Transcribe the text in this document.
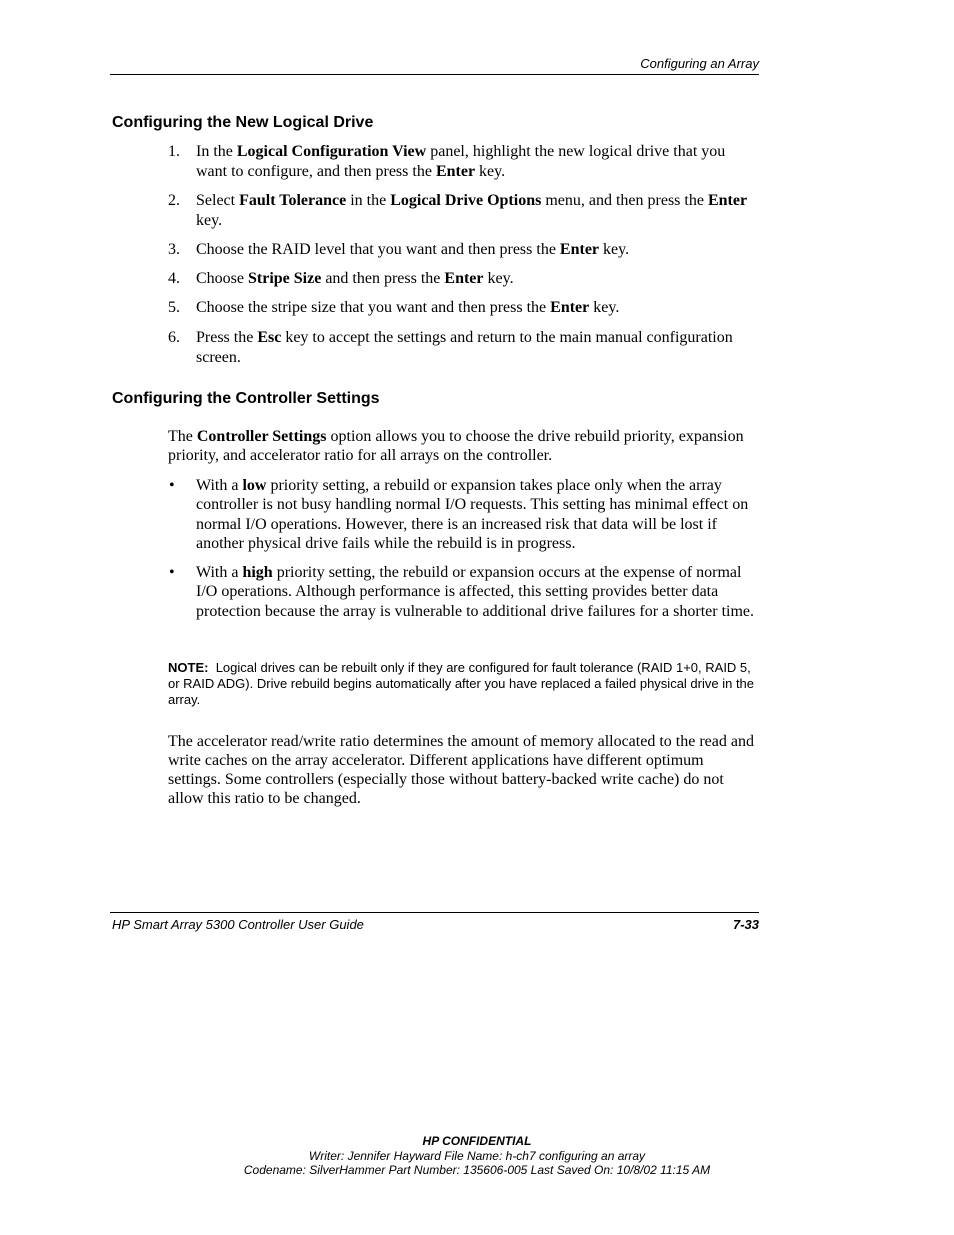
Configuring an Array
Configuring the New Logical Drive
1. In the Logical Configuration View panel, highlight the new logical drive that you want to configure, and then press the Enter key.
2. Select Fault Tolerance in the Logical Drive Options menu, and then press the Enter key.
3. Choose the RAID level that you want and then press the Enter key.
4. Choose Stripe Size and then press the Enter key.
5. Choose the stripe size that you want and then press the Enter key.
6. Press the Esc key to accept the settings and return to the main manual configuration screen.
Configuring the Controller Settings

The Controller Settings option allows you to choose the drive rebuild priority, expansion priority, and accelerator ratio for all arrays on the controller.

• With a low priority setting, a rebuild or expansion takes place only when the array controller is not busy handling normal I/O requests. This setting has minimal effect on normal I/O operations. However, there is an increased risk that data will be lost if another physical drive fails while the rebuild is in progress.
• With a high priority setting, the rebuild or expansion occurs at the expense of normal I/O operations. Although performance is affected, this setting provides better data protection because the array is vulnerable to additional drive failures for a shorter time.
NOTE: Logical drives can be rebuilt only if they are configured for fault tolerance (RAID 1+0, RAID 5, or RAID ADG). Drive rebuild begins automatically after you have replaced a failed physical drive in the array.

The accelerator read/write ratio determines the amount of memory allocated to the read and write caches on the array accelerator. Different applications have different optimum settings. Some controllers (especially those without battery-backed write cache) do not allow this ratio to be changed.

HP Smart Array 5300 Controller User Guide	7-33
HP CONFIDENTIAL
Writer: Jennifer Hayward File Name: h-ch7 configuring an array
Codename: SilverHammer Part Number: 135606-005 Last Saved On: 10/8/02 11:15 AM
